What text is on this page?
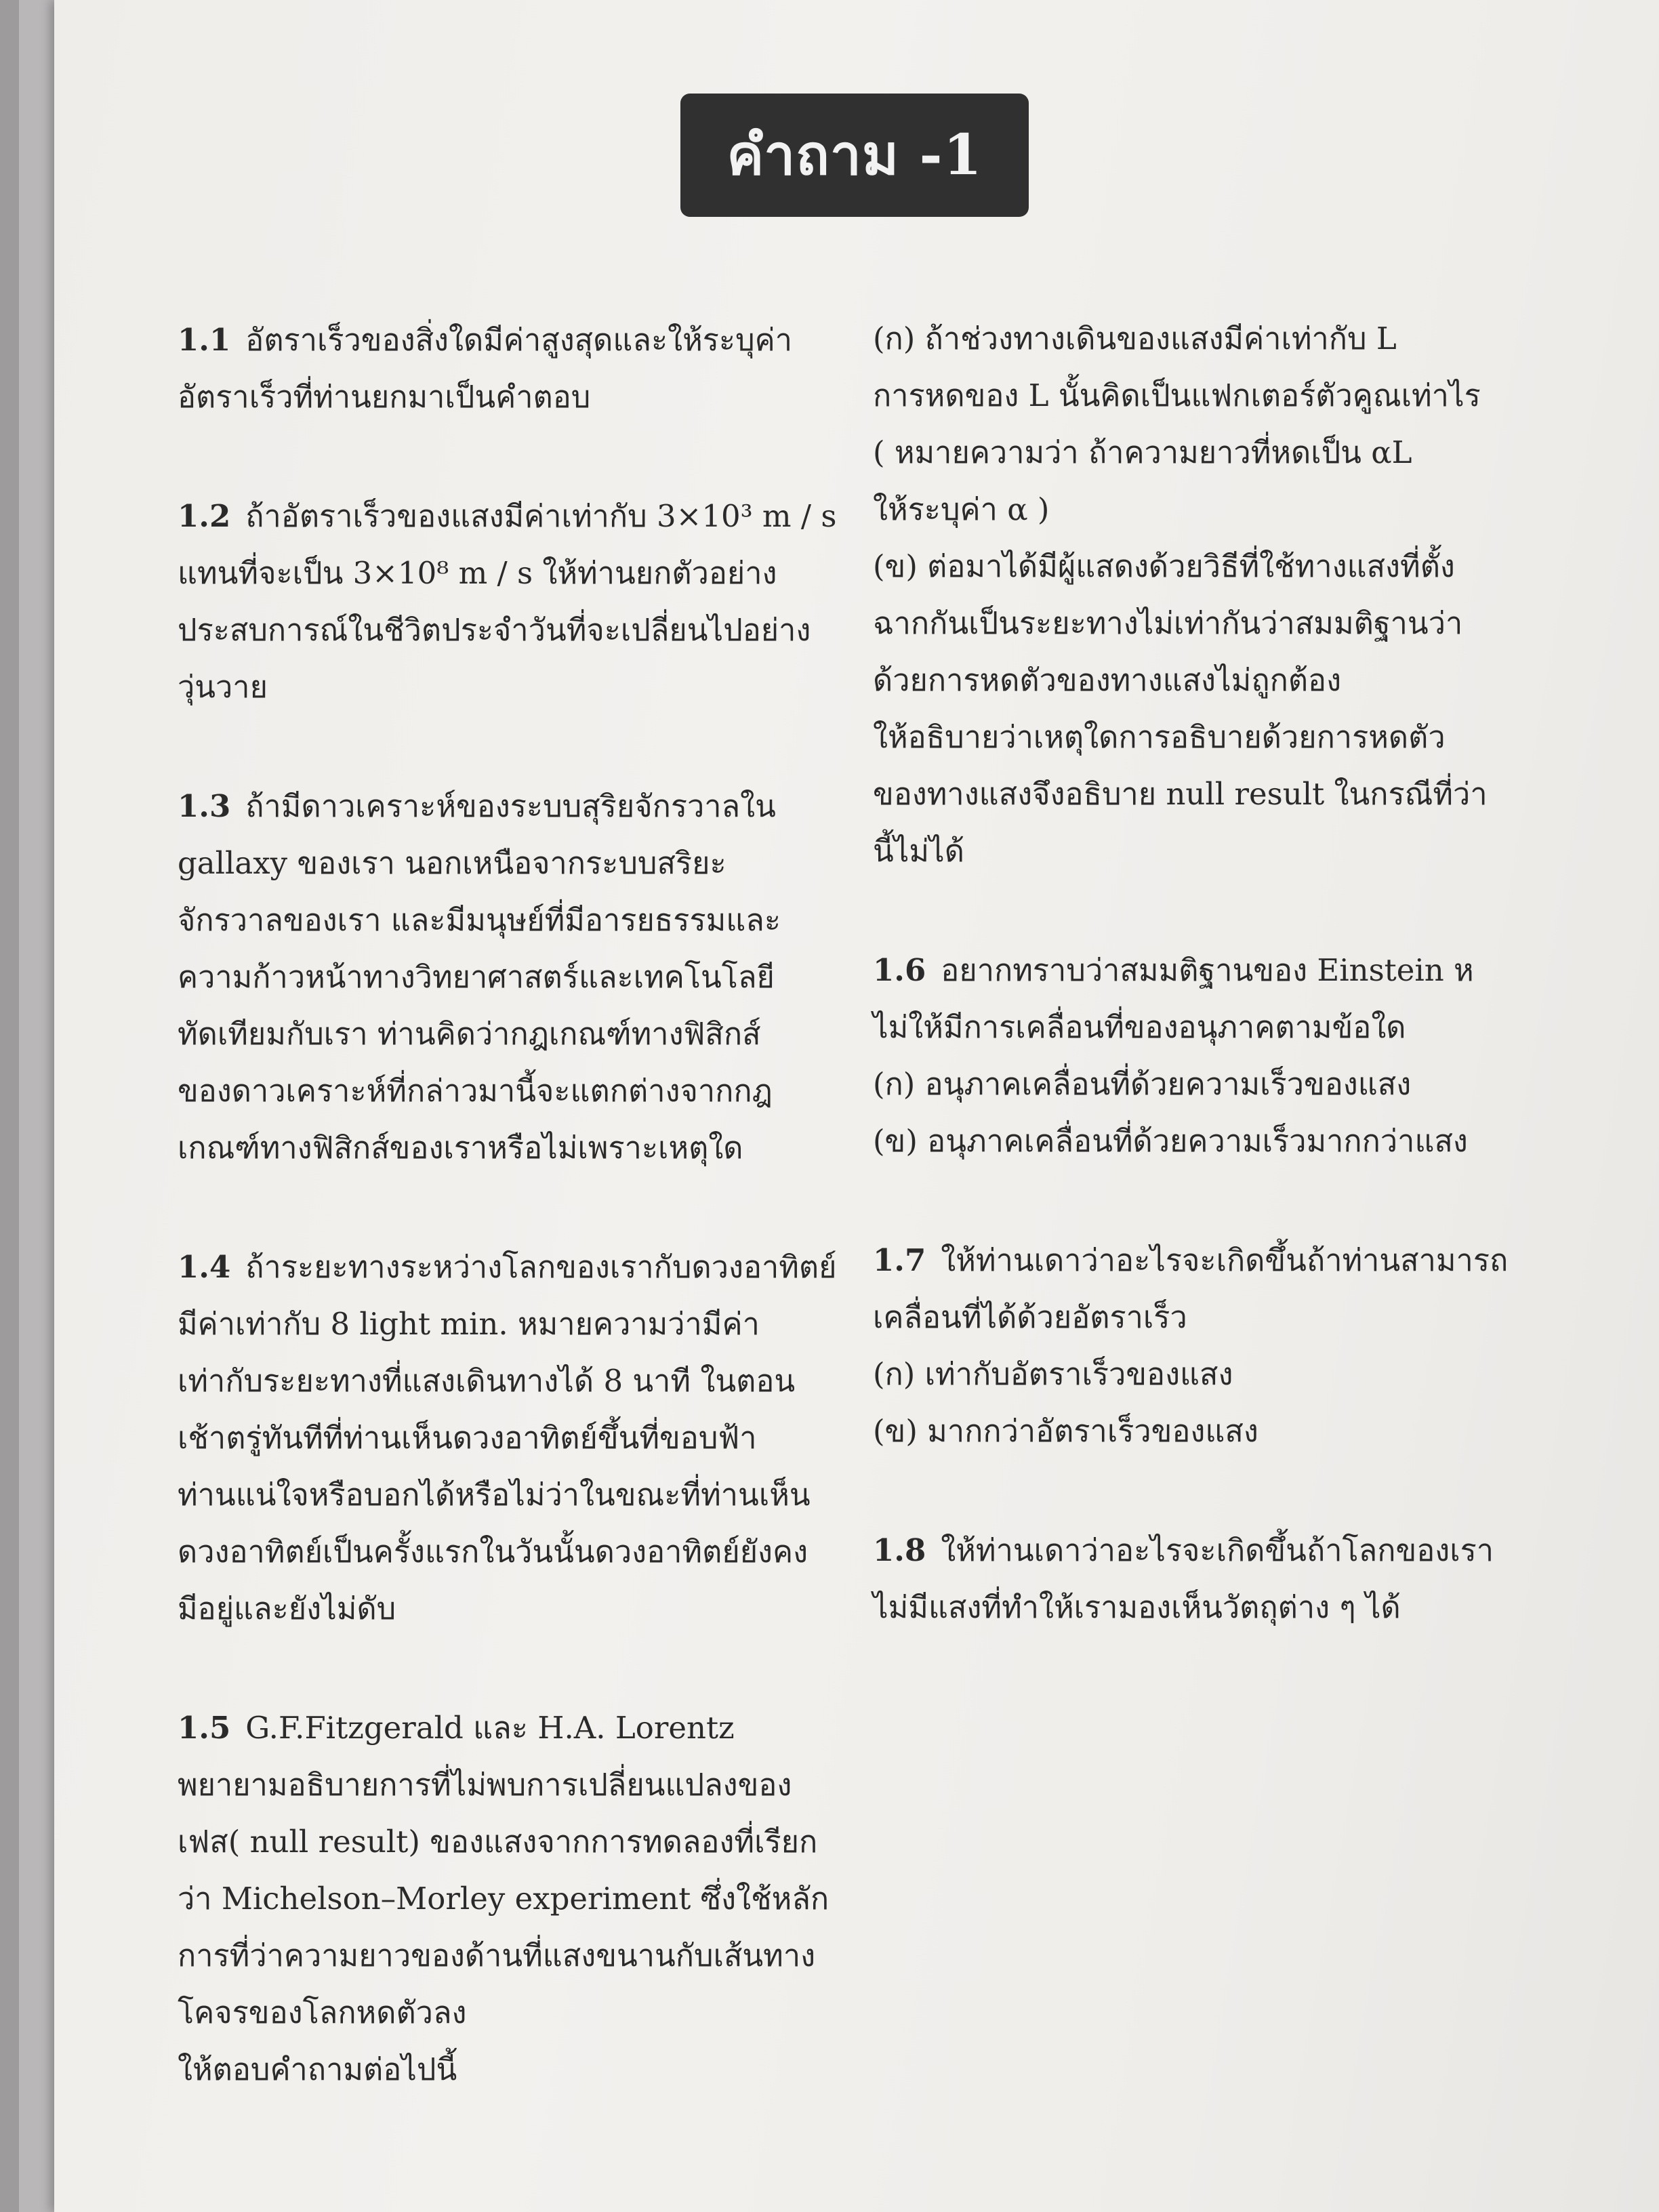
คำถาม -1
1.1 อัตราเร็วของสิ่งใดมีค่าสูงสุดและให้ระบุค่า
อัตราเร็วที่ท่านยกมาเป็นคำตอบ
1.2 ถ้าอัตราเร็วของแสงมีค่าเท่ากับ 3×10³ m / s
แทนที่จะเป็น 3×10⁸ m / s ให้ท่านยกตัวอย่าง
ประสบการณ์ในชีวิตประจำวันที่จะเปลี่ยนไปอย่าง
วุ่นวาย
1.3 ถ้ามีดาวเคราะห์ของระบบสุริยจักรวาลใน
gallaxy ของเรา นอกเหนือจากระบบสริยะ
จักรวาลของเรา และมีมนุษย์ที่มีอารยธรรมและ
ความก้าวหน้าทางวิทยาศาสตร์และเทคโนโลยี
ทัดเทียมกับเรา ท่านคิดว่ากฎเกณฑ์ทางฟิสิกส์
ของดาวเคราะห์ที่กล่าวมานี้จะแตกต่างจากกฎ
เกณฑ์ทางฟิสิกส์ของเราหรือไม่เพราะเหตุใด
1.4 ถ้าระยะทางระหว่างโลกของเรากับดวงอาทิตย์
มีค่าเท่ากับ 8 light min. หมายความว่ามีค่า
เท่ากับระยะทางที่แสงเดินทางได้ 8 นาที ในตอน
เช้าตรู่ทันทีที่ท่านเห็นดวงอาทิตย์ขึ้นที่ขอบฟ้า
ท่านแน่ใจหรือบอกได้หรือไม่ว่าในขณะที่ท่านเห็น
ดวงอาทิตย์เป็นครั้งแรกในวันนั้นดวงอาทิตย์ยังคง
มีอยู่และยังไม่ดับ
1.5 G.F.Fitzgerald และ H.A. Lorentz
พยายามอธิบายการที่ไม่พบการเปลี่ยนแปลงของ
เฟส( null result) ของแสงจากการทดลองที่เรียก
ว่า Michelson–Morley experiment ซึ่งใช้หลัก
การที่ว่าความยาวของด้านที่แสงขนานกับเส้นทาง
โคจรของโลกหดตัวลง
ให้ตอบคำถามต่อไปนี้
(ก) ถ้าช่วงทางเดินของแสงมีค่าเท่ากับ L
การหดของ L นั้นคิดเป็นแฟกเตอร์ตัวคูณเท่าไร
( หมายความว่า ถ้าความยาวที่หดเป็น αL
ให้ระบุค่า α )
(ข) ต่อมาได้มีผู้แสดงด้วยวิธีที่ใช้ทางแสงที่ตั้ง
ฉากกันเป็นระยะทางไม่เท่ากันว่าสมมติฐานว่า
ด้วยการหดตัวของทางแสงไม่ถูกต้อง
ให้อธิบายว่าเหตุใดการอธิบายด้วยการหดตัว
ของทางแสงจึงอธิบาย null result ในกรณีที่ว่า
นี้ไม่ได้
1.6 อยากทราบว่าสมมติฐานของ Einstein ห
ไม่ให้มีการเคลื่อนที่ของอนุภาคตามข้อใด
(ก) อนุภาคเคลื่อนที่ด้วยความเร็วของแสง
(ข) อนุภาคเคลื่อนที่ด้วยความเร็วมากกว่าแสง
1.7 ให้ท่านเดาว่าอะไรจะเกิดขึ้นถ้าท่านสามารถ
เคลื่อนที่ได้ด้วยอัตราเร็ว
(ก) เท่ากับอัตราเร็วของแสง
(ข) มากกว่าอัตราเร็วของแสง
1.8 ให้ท่านเดาว่าอะไรจะเกิดขึ้นถ้าโลกของเรา
ไม่มีแสงที่ทำให้เรามองเห็นวัตถุต่าง ๆ ได้
